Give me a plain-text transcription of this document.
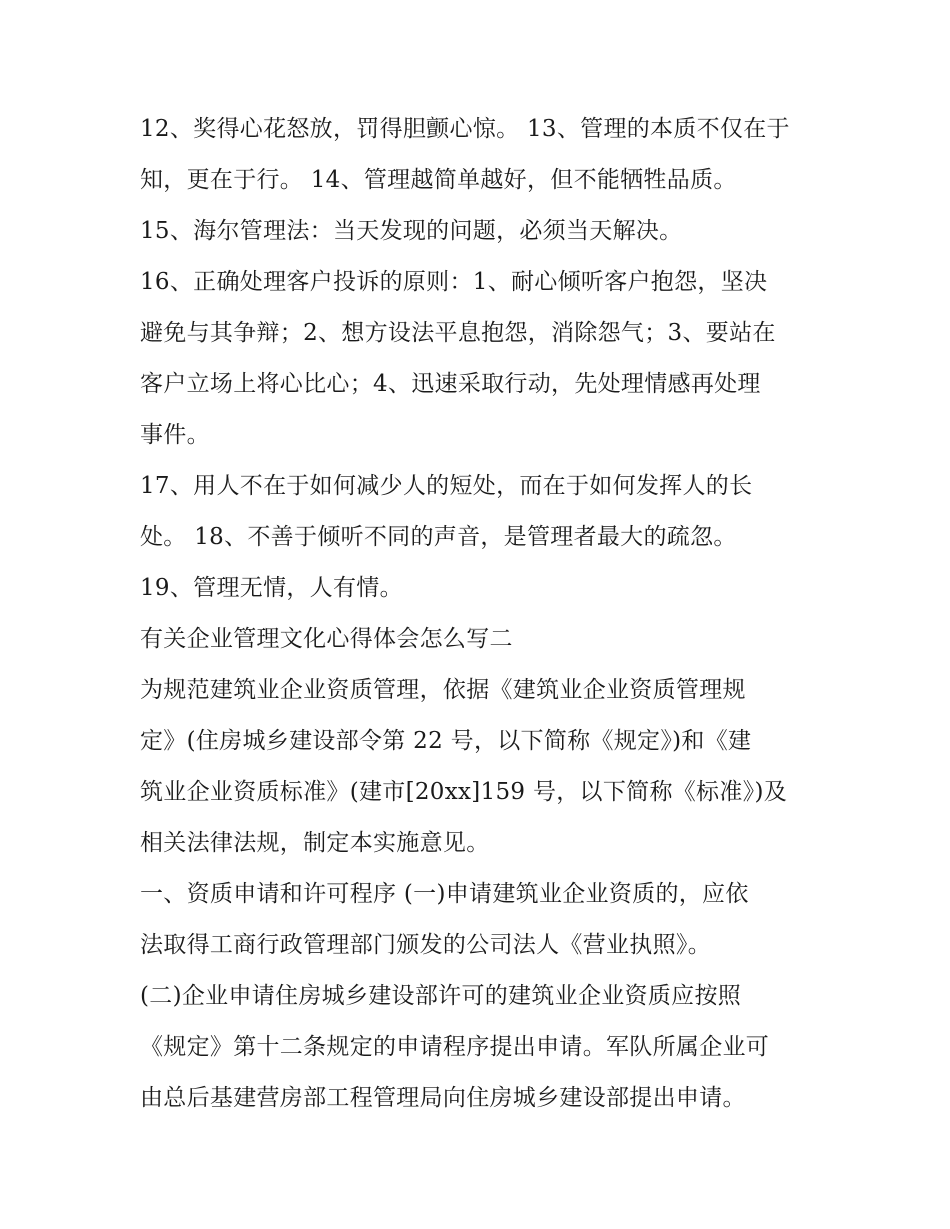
12、奖得心花怒放，罚得胆颤心惊。 13、管理的本质不仅在于
知，更在于行。 14、管理越简单越好，但不能牺牲品质。
15、海尔管理法：当天发现的问题，必须当天解决。
16、正确处理客户投诉的原则：1、耐心倾听客户抱怨，坚决
避免与其争辩；2、想方设法平息抱怨，消除怨气；3、要站在
客户立场上将心比心；4、迅速采取行动，先处理情感再处理
事件。
17、用人不在于如何减少人的短处，而在于如何发挥人的长
处。 18、不善于倾听不同的声音，是管理者最大的疏忽。
19、管理无情，人有情。
有关企业管理文化心得体会怎么写二
为规范建筑业企业资质管理，依据《建筑业企业资质管理规
定》(住房城乡建设部令第 22 号，以下简称《规定》)和《建
筑业企业资质标准》(建市[20xx]159 号，以下简称《标准》)及
相关法律法规，制定本实施意见。
一、资质申请和许可程序 (一)申请建筑业企业资质的，应依
法取得工商行政管理部门颁发的公司法人《营业执照》。
(二)企业申请住房城乡建设部许可的建筑业企业资质应按照
《规定》第十二条规定的申请程序提出申请。军队所属企业可
由总后基建营房部工程管理局向住房城乡建设部提出申请。
